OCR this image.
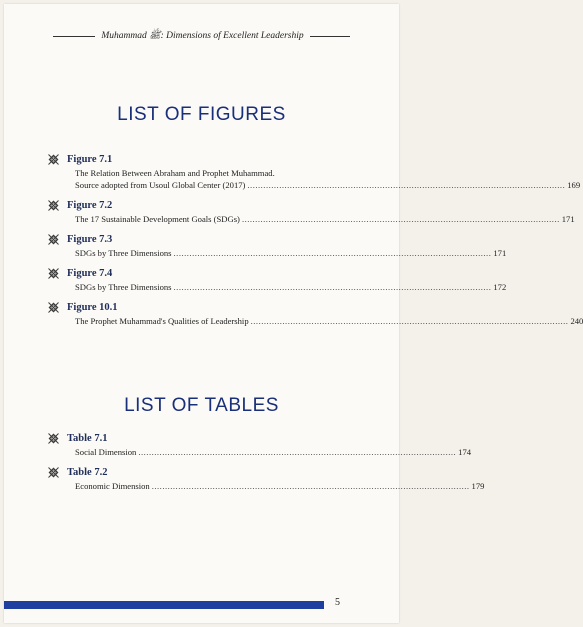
Muhammad ﷺ: Dimensions of Excellent Leadership
LIST OF FIGURES
Figure 7.1
The Relation Between Abraham and Prophet Muhammad.
Source adopted from Usoul Global Center (2017) ........................................................................................................................ 169
Figure 7.2
The 17 Sustainable Development Goals (SDGs) ........................................................................................................................ 171
Figure 7.3
SDGs by Three Dimensions ........................................................................................................................ 171
Figure 7.4
SDGs by Three Dimensions ........................................................................................................................ 172
Figure 10.1
The Prophet Muhammad's Qualities of Leadership ........................................................................................................................ 240
LIST OF TABLES
Table 7.1
Social Dimension ........................................................................................................................ 174
Table 7.2
Economic Dimension ........................................................................................................................ 179
5
